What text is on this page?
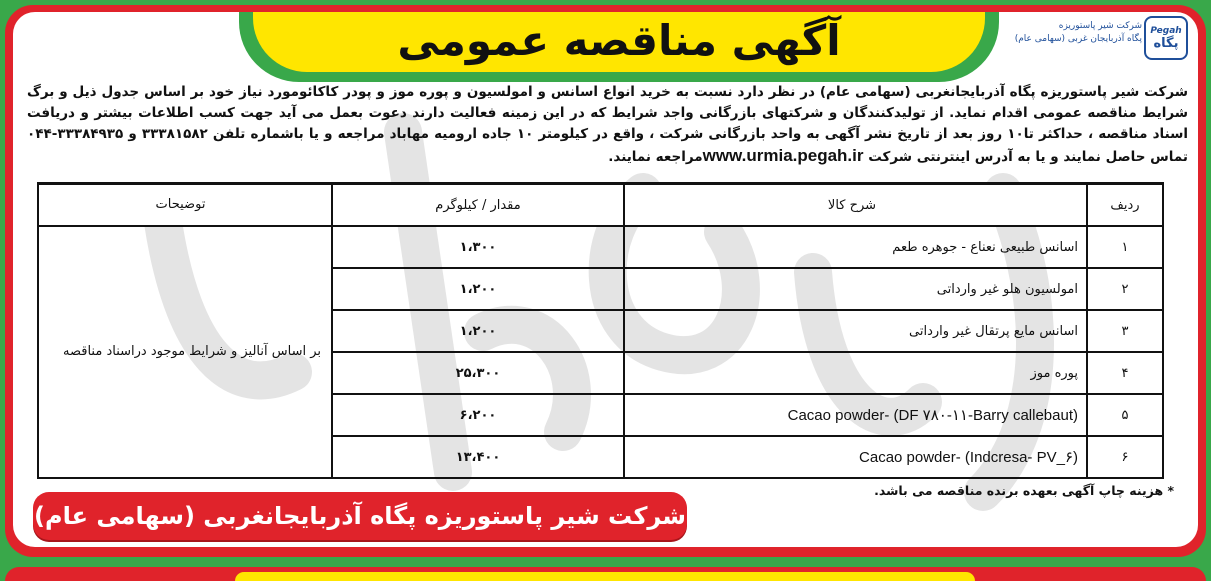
آگهی مناقصه عمومی	Pegah
پگاه
شرکت شیر پاستوریزه
پگاه آذربایجان غربی (سهامی عام)
شرکت شیر پاستوریزه پگاه آذربایجانغربی (سهامی عام) در نظر دارد نسبت به خرید انواع اسانس و امولسیون و پوره موز و پودر کاکائومورد نیاز خود بر اساس جدول ذیل و برگ شرایط مناقصه عمومی اقدام نماید. از تولیدکنندگان و شرکتهای بازرگانی واجد شرایط که در این زمینه فعالیت دارند دعوت بعمل می آید جهت کسب اطلاعات بیشتر و دریافت اسناد مناقصه ، حداکثر تا۱۰ روز بعد از تاریخ نشر آگهی به واحد بازرگانی شرکت ، واقع در کیلومتر ۱۰ جاده ارومیه مهاباد مراجعه و یا باشماره تلفن ۳۳۳۸۱۵۸۲ و ۳۳۳۸۴۹۳۵-۰۴۴ تماس حاصل نمایند و یا به آدرس اینترنتی شرکت www.urmia.pegah.irمراجعه نمایند.
ردیف	شرح کالا	مقدار / کیلوگرم	توضیحات
۱	اسانس طبیعی نعناع - جوهره طعم	۱،۳۰۰	بر اساس آنالیز و شرایط موجود دراسناد مناقصه
۲	امولسیون هلو غیر وارداتی	۱،۲۰۰	
۳	اسانس مایع پرتقال غیر وارداتی	۱،۲۰۰	
۴	پوره موز	۲۵،۳۰۰	
۵	Cacao powder- (DF ۷۸۰-۱۱-Barry callebaut)	۶،۲۰۰	
۶	Cacao powder- (Indcresa- PV_۶)	۱۳،۴۰۰	
* هزینه چاپ آگهی بعهده برنده مناقصه می باشد.
شرکت شیر پاستوریزه پگاه آذربایجانغربی (سهامی عام)
